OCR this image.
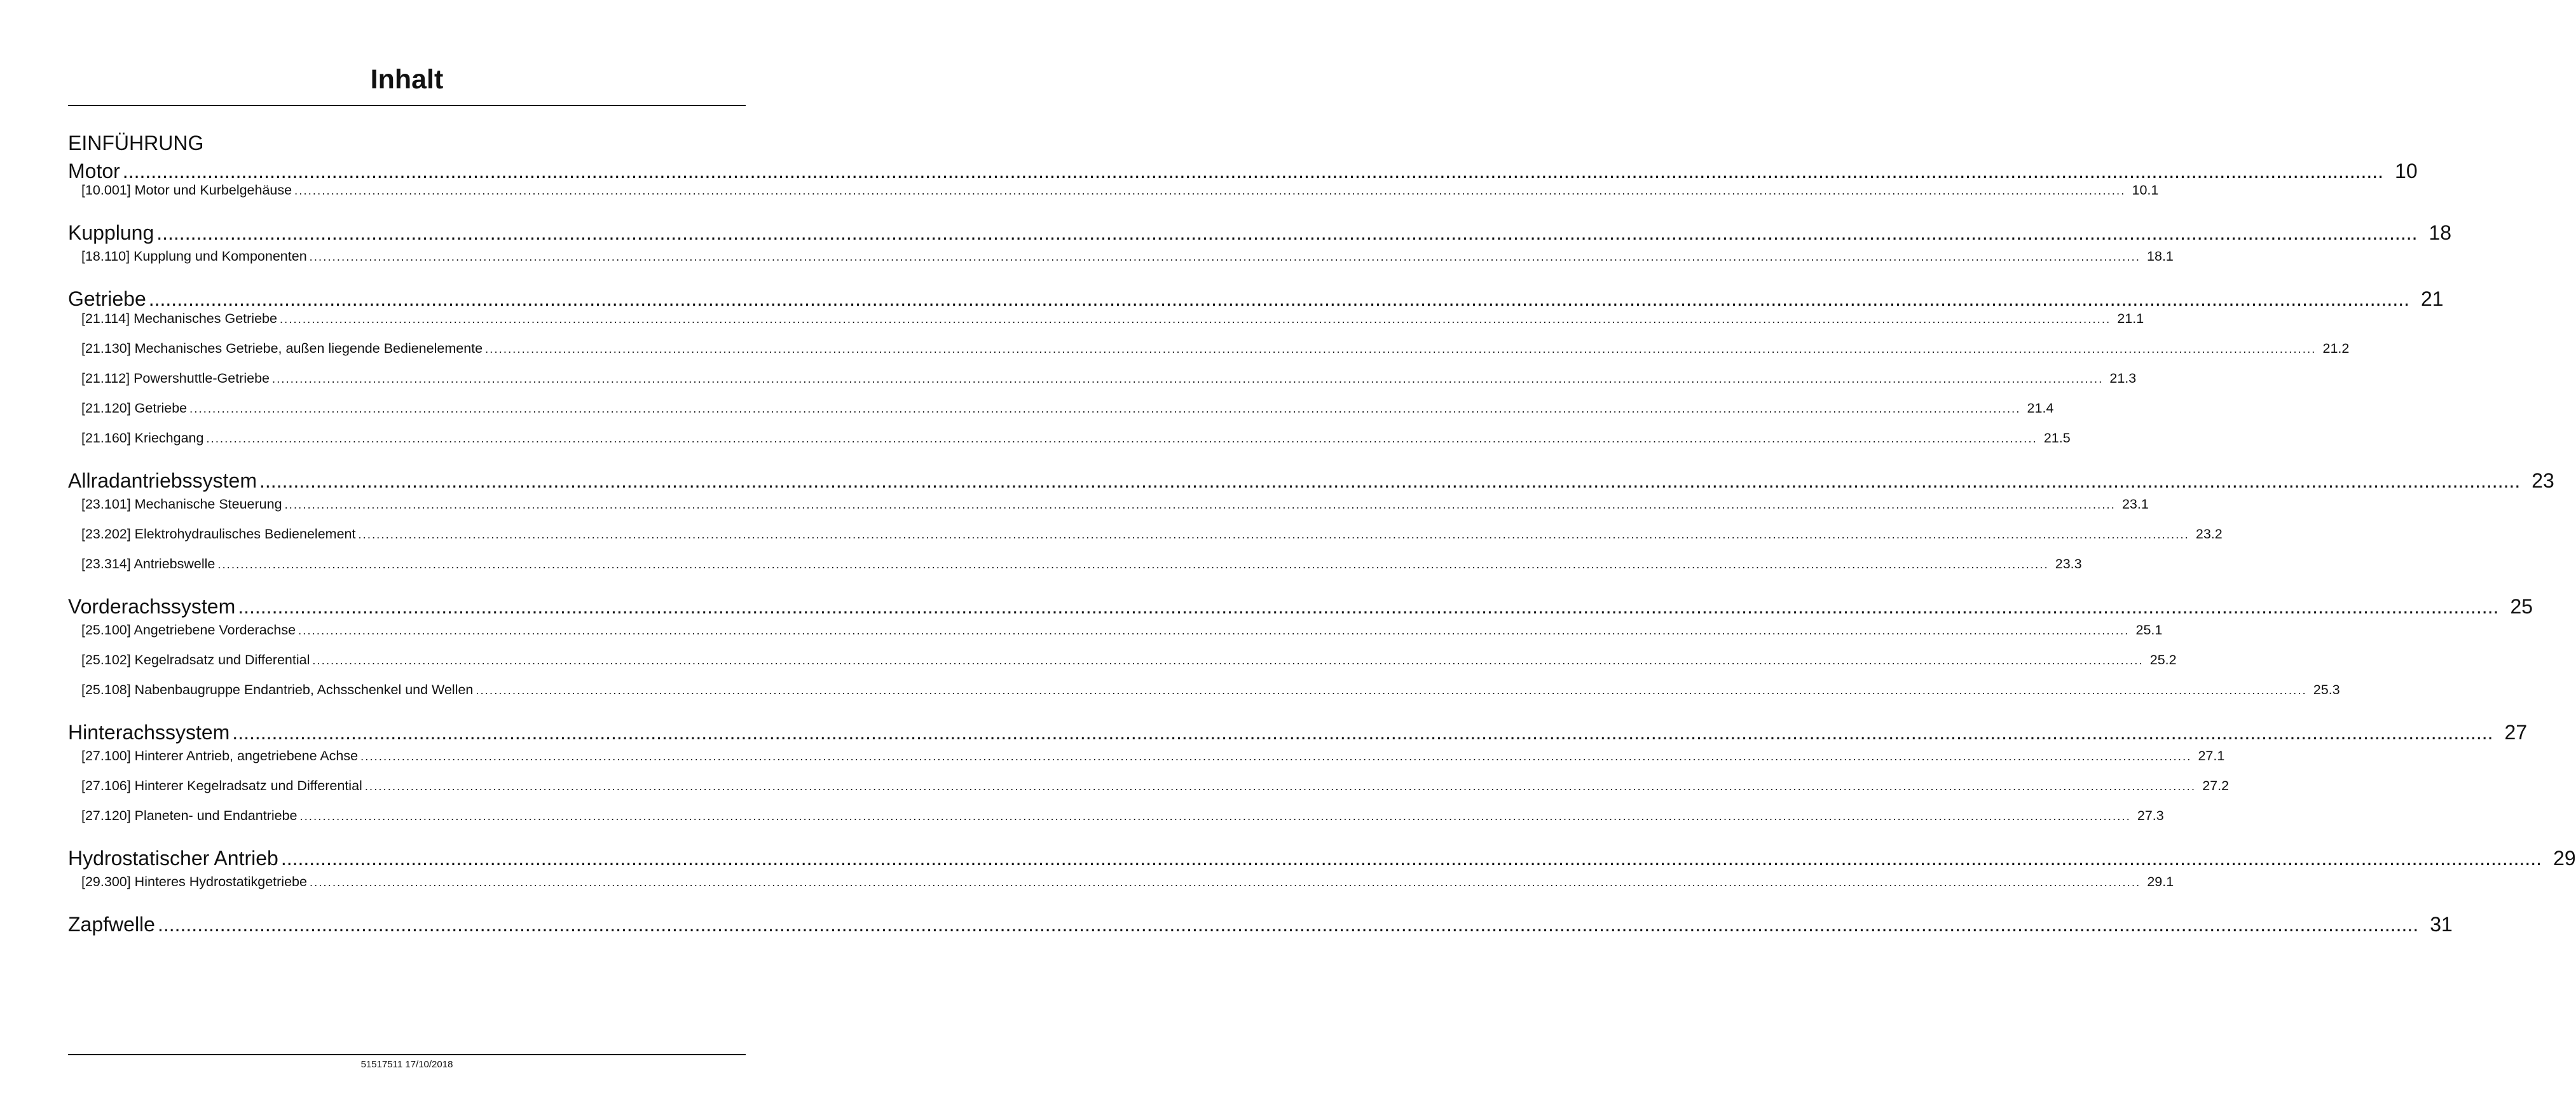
Inhalt
EINFÜHRUNG
Motor ................................................................................................................................................................................................................................................................................................................................................................................................................ 10
[10.001] Motor und Kurbelgehäuse ................................................................................................................................................................................................................................................................................................................................................................................................................ 10.1
Kupplung ................................................................................................................................................................................................................................................................................................................................................................................................................ 18
[18.110] Kupplung und Komponenten ................................................................................................................................................................................................................................................................................................................................................................................................................ 18.1
Getriebe ................................................................................................................................................................................................................................................................................................................................................................................................................ 21
[21.114] Mechanisches Getriebe ................................................................................................................................................................................................................................................................................................................................................................................................................ 21.1
[21.130] Mechanisches Getriebe, außen liegende Bedienelemente ................................................................................................................................................................................................................................................................................................................................................................................................................ 21.2
[21.112] Powershuttle-Getriebe ................................................................................................................................................................................................................................................................................................................................................................................................................ 21.3
[21.120] Getriebe ................................................................................................................................................................................................................................................................................................................................................................................................................ 21.4
[21.160] Kriechgang ................................................................................................................................................................................................................................................................................................................................................................................................................ 21.5
Allradantriebssystem ................................................................................................................................................................................................................................................................................................................................................................................................................ 23
[23.101] Mechanische Steuerung ................................................................................................................................................................................................................................................................................................................................................................................................................ 23.1
[23.202] Elektrohydraulisches Bedienelement ................................................................................................................................................................................................................................................................................................................................................................................................................ 23.2
[23.314] Antriebswelle ................................................................................................................................................................................................................................................................................................................................................................................................................ 23.3
Vorderachssystem ................................................................................................................................................................................................................................................................................................................................................................................................................ 25
[25.100] Angetriebene Vorderachse ................................................................................................................................................................................................................................................................................................................................................................................................................ 25.1
[25.102] Kegelradsatz und Differential ................................................................................................................................................................................................................................................................................................................................................................................................................ 25.2
[25.108] Nabenbaugruppe Endantrieb, Achsschenkel und Wellen ................................................................................................................................................................................................................................................................................................................................................................................................................ 25.3
Hinterachssystem ................................................................................................................................................................................................................................................................................................................................................................................................................ 27
[27.100] Hinterer Antrieb, angetriebene Achse ................................................................................................................................................................................................................................................................................................................................................................................................................ 27.1
[27.106] Hinterer Kegelradsatz und Differential ................................................................................................................................................................................................................................................................................................................................................................................................................ 27.2
[27.120] Planeten- und Endantriebe ................................................................................................................................................................................................................................................................................................................................................................................................................ 27.3
Hydrostatischer Antrieb ................................................................................................................................................................................................................................................................................................................................................................................................................ 29
[29.300] Hinteres Hydrostatikgetriebe ................................................................................................................................................................................................................................................................................................................................................................................................................ 29.1
Zapfwelle ................................................................................................................................................................................................................................................................................................................................................................................................................ 31
51517511 17/10/2018
